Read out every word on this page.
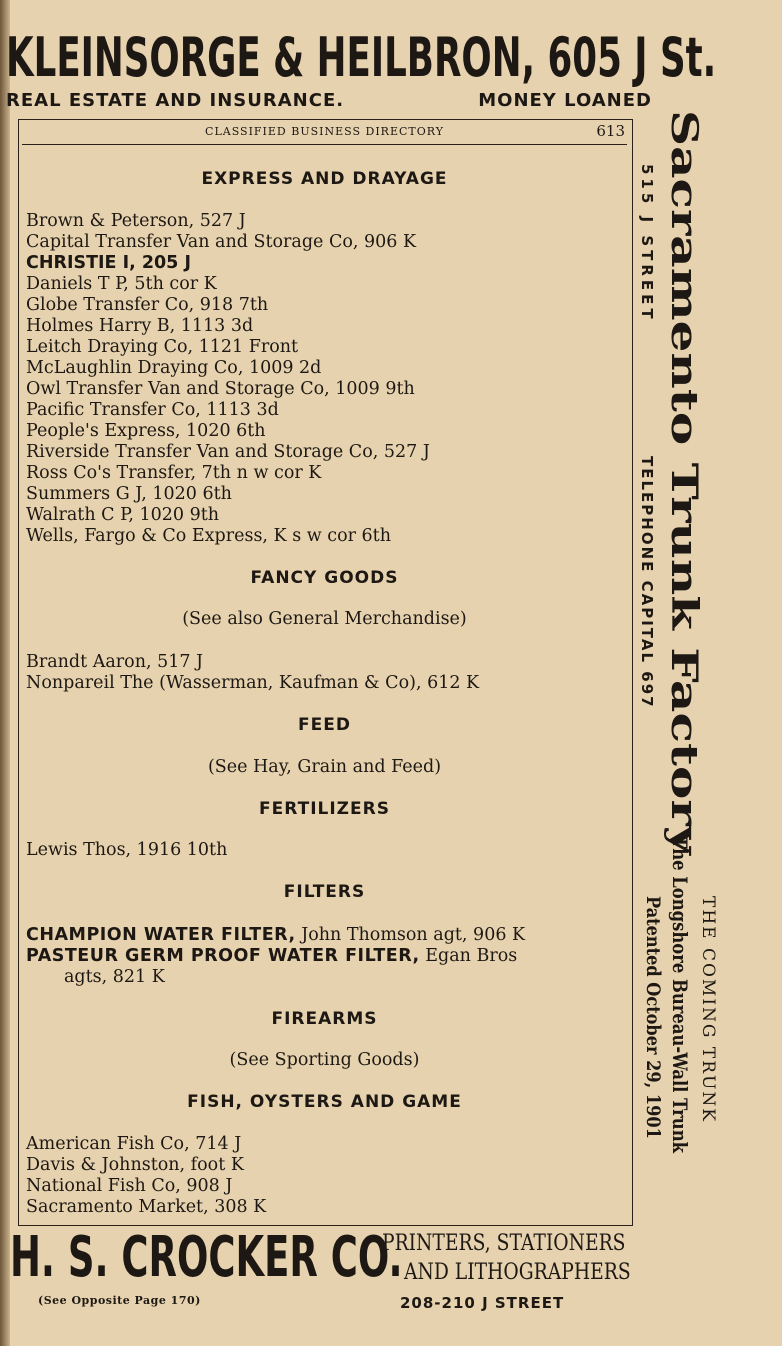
KLEINSORGE & HEILBRON, 605 J St.
REAL ESTATE AND INSURANCE.	MONEY LOANED
CLASSIFIED BUSINESS DIRECTORY	613
EXPRESS AND DRAYAGE
Brown & Peterson, 527 J
Capital Transfer Van and Storage Co, 906 K
CHRISTIE I, 205 J
Daniels T P, 5th cor K
Globe Transfer Co, 918 7th
Holmes Harry B, 1113 3d
Leitch Draying Co, 1121 Front
McLaughlin Draying Co, 1009 2d
Owl Transfer Van and Storage Co, 1009 9th
Pacific Transfer Co, 1113 3d
People's Express, 1020 6th
Riverside Transfer Van and Storage Co, 527 J
Ross Co's Transfer, 7th n w cor K
Summers G J, 1020 6th
Walrath C P, 1020 9th
Wells, Fargo & Co Express, K s w cor 6th
FANCY GOODS
(See also General Merchandise)
Brandt Aaron, 517 J
Nonpareil The (Wasserman, Kaufman & Co), 612 K
FEED
(See Hay, Grain and Feed)
FERTILIZERS
Lewis Thos, 1916 10th
FILTERS
CHAMPION WATER FILTER, John Thomson agt, 906 K
PASTEUR GERM PROOF WATER FILTER, Egan Bros
agts, 821 K
FIREARMS
(See Sporting Goods)
FISH, OYSTERS AND GAME
American Fish Co, 714 J
Davis & Johnston, foot K
National Fish Co, 908 J
Sacramento Market, 308 K
Sacramento Trunk Factory
515 J STREET
TELEPHONE CAPITAL 697
THE COMING TRUNK
The Longshore Bureau-Wall Trunk
Patented October 29, 1901
H. S. CROCKER CO.
(See Opposite Page 170)
PRINTERS, STATIONERS
AND LITHOGRAPHERS
208-210 J STREET
